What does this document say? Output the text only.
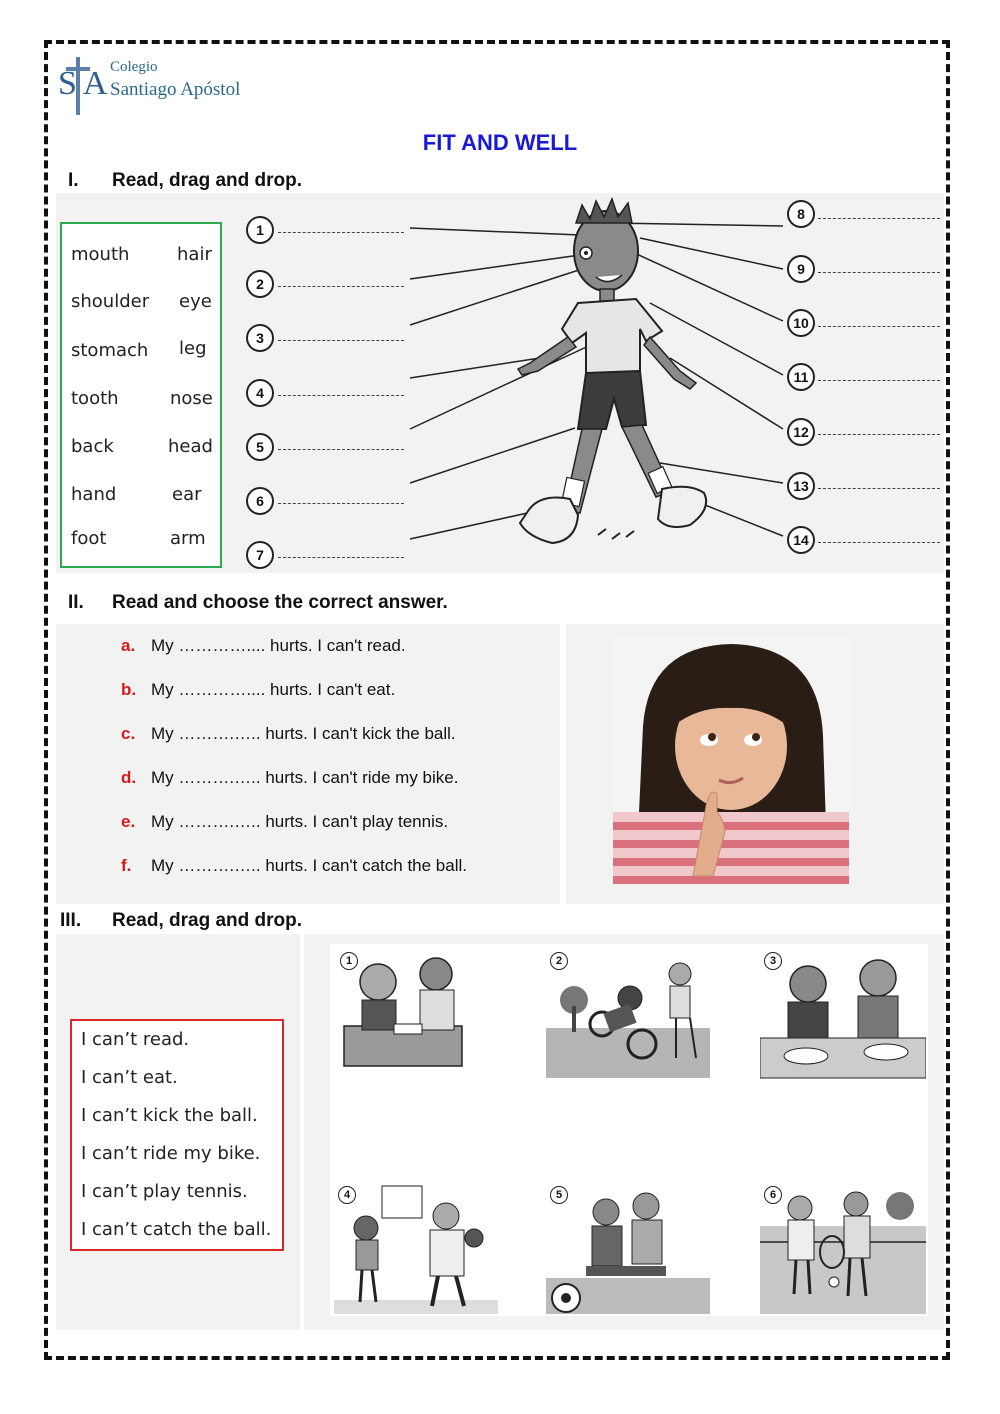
SA
Colegio
Santiago Apóstol
FIT AND WELL
I. Read, drag and drop.
mouth	hair
shoulder eye
stomach leg
tooth	nose
back	head
hand	ear
foot	arm
1
2
3
4
5
6
7
8
9
10
11
12
13
14
II. Read and choose the correct answer.
a. My ………….... hurts. I can't read.
b. My ………….... hurts. I can't eat.
c. My ……….….. hurts. I can't kick the ball.
d. My ……….….. hurts. I can't ride my bike.
e. My ……….….. hurts. I can't play tennis.
f. My ……….….. hurts. I can't catch the ball.
III. Read, drag and drop.
I can’t read.
I can’t eat.
I can’t kick the ball.
I can’t ride my bike.
I can’t play tennis.
I can’t catch the ball.
1	2	3
4	5	6
